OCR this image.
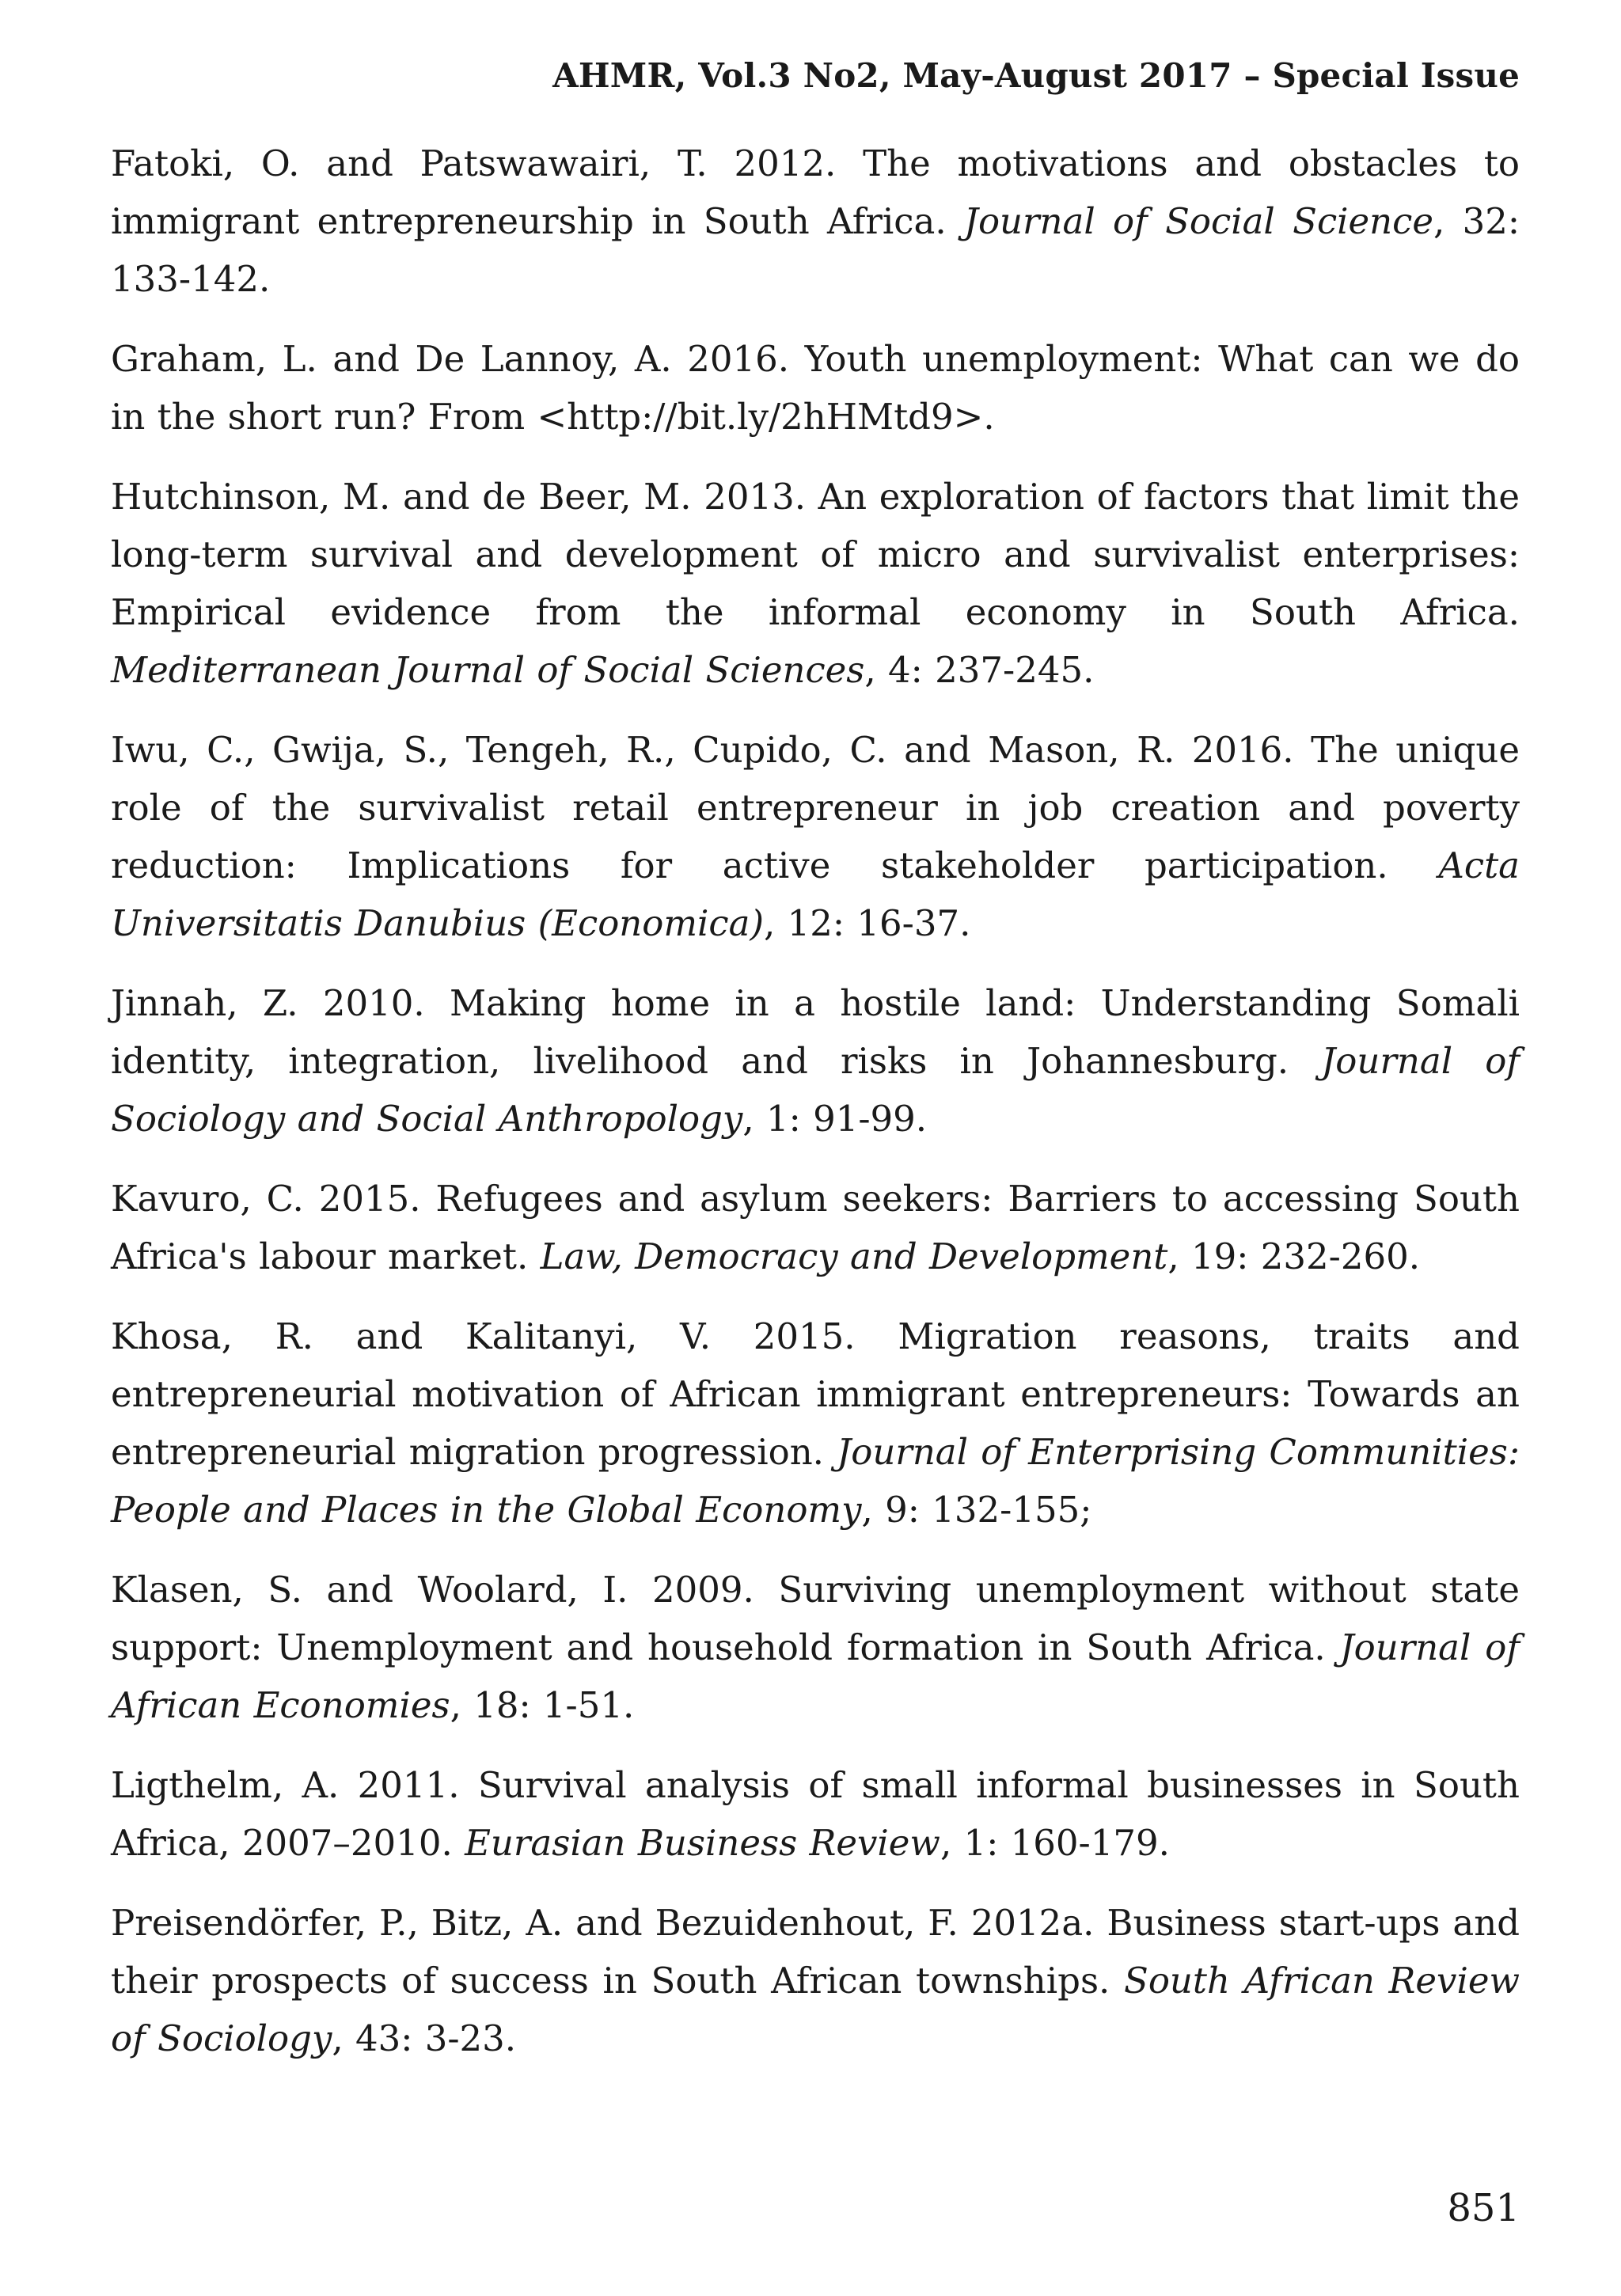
AHMR, Vol.3 No2, May-August 2017 – Special Issue
Fatoki, O. and Patswawairi, T. 2012. The motivations and obstacles to immigrant entrepreneurship in South Africa. Journal of Social Science, 32: 133-142.
Graham, L. and De Lannoy, A. 2016. Youth unemployment: What can we do in the short run? From <http://bit.ly/2hHMtd9>.
Hutchinson, M. and de Beer, M. 2013. An exploration of factors that limit the long-term survival and development of micro and survivalist enterprises: Empirical evidence from the informal economy in South Africa. Mediterranean Journal of Social Sciences, 4: 237-245.
Iwu, C., Gwija, S., Tengeh, R., Cupido, C. and Mason, R. 2016. The unique role of the survivalist retail entrepreneur in job creation and poverty reduction: Implications for active stakeholder participation. Acta Universitatis Danubius (Economica), 12: 16-37.
Jinnah, Z. 2010. Making home in a hostile land: Understanding Somali identity, integration, livelihood and risks in Johannesburg. Journal of Sociology and Social Anthropology, 1: 91-99.
Kavuro, C. 2015. Refugees and asylum seekers: Barriers to accessing South Africa's labour market. Law, Democracy and Development, 19: 232-260.
Khosa, R. and Kalitanyi, V. 2015. Migration reasons, traits and entrepreneurial motivation of African immigrant entrepreneurs: Towards an entrepreneurial migration progression. Journal of Enterprising Communities: People and Places in the Global Economy, 9: 132-155;
Klasen, S. and Woolard, I. 2009. Surviving unemployment without state support: Unemployment and household formation in South Africa. Journal of African Economies, 18: 1-51.
Ligthelm, A. 2011. Survival analysis of small informal businesses in South Africa, 2007–2010. Eurasian Business Review, 1: 160-179.
Preisendörfer, P., Bitz, A. and Bezuidenhout, F. 2012a. Business start-ups and their prospects of success in South African townships. South African Review of Sociology, 43: 3-23.
851
